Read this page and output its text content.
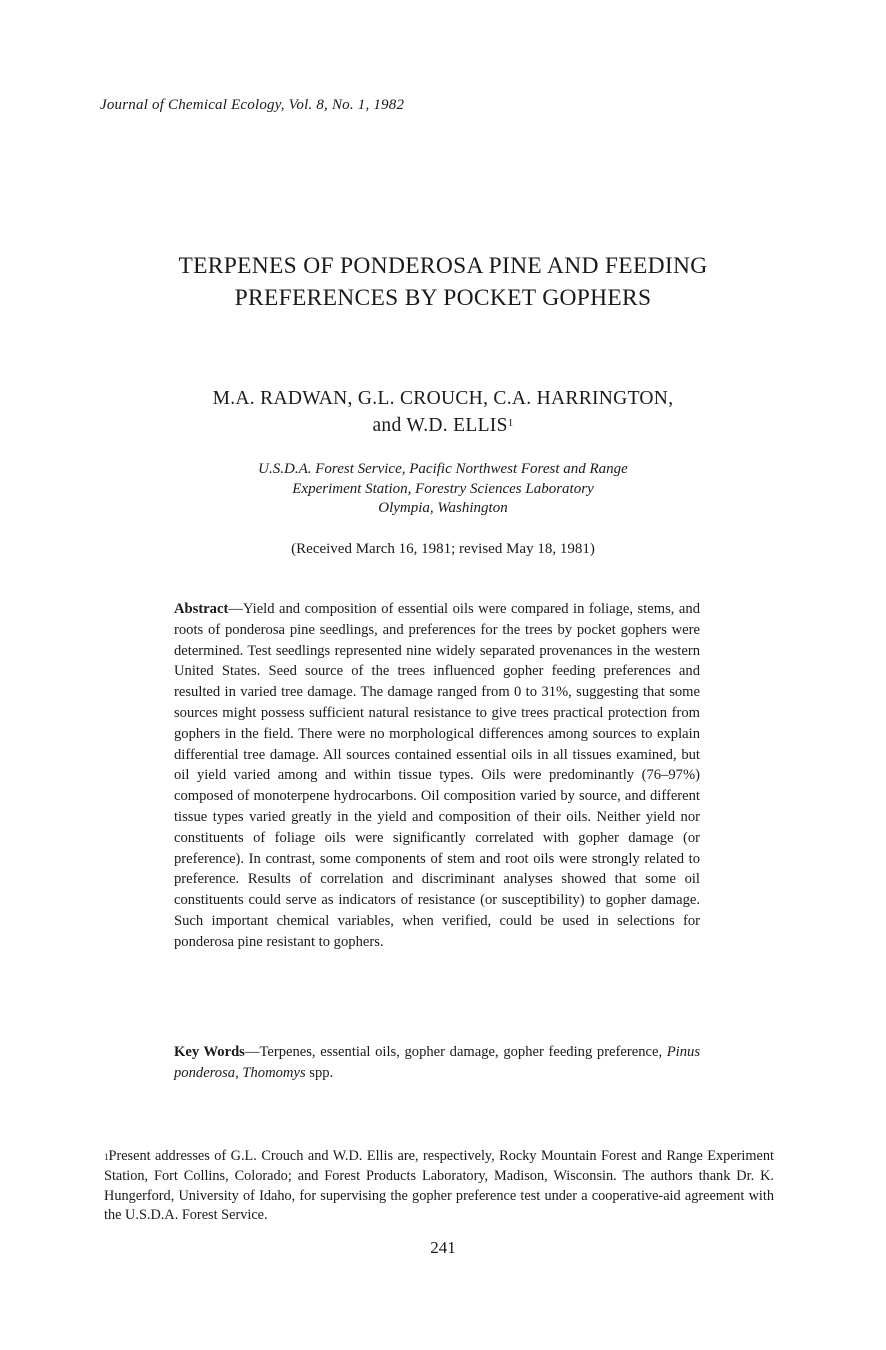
Journal of Chemical Ecology, Vol. 8, No. 1, 1982
TERPENES OF PONDEROSA PINE AND FEEDING
PREFERENCES BY POCKET GOPHERS
M.A. RADWAN, G.L. CROUCH, C.A. HARRINGTON,
and W.D. ELLIS$^1$
U.S.D.A. Forest Service, Pacific Northwest Forest and Range
Experiment Station, Forestry Sciences Laboratory
Olympia, Washington
(Received March 16, 1981; revised May 18, 1981)
Abstract—Yield and composition of essential oils were compared in foliage, stems, and roots of ponderosa pine seedlings, and preferences for the trees by pocket gophers were determined. Test seedlings represented nine widely separated provenances in the western United States. Seed source of the trees influenced gopher feeding preferences and resulted in varied tree damage. The damage ranged from 0 to 31%, suggesting that some sources might possess sufficient natural resistance to give trees practical protection from gophers in the field. There were no morphological differences among sources to explain differential tree damage. All sources contained essential oils in all tissues examined, but oil yield varied among and within tissue types. Oils were predominantly (76–97%) composed of monoterpene hydrocarbons. Oil composition varied by source, and different tissue types varied greatly in the yield and composition of their oils. Neither yield nor constituents of foliage oils were significantly correlated with gopher damage (or preference). In contrast, some components of stem and root oils were strongly related to preference. Results of correlation and discriminant analyses showed that some oil constituents could serve as indicators of resistance (or susceptibility) to gopher damage. Such important chemical variables, when verified, could be used in selections for ponderosa pine resistant to gophers.
Key Words—Terpenes, essential oils, gopher damage, gopher feeding preference, Pinus ponderosa, Thomomys spp.
$^1$Present addresses of G.L. Crouch and W.D. Ellis are, respectively, Rocky Mountain Forest and Range Experiment Station, Fort Collins, Colorado; and Forest Products Laboratory, Madison, Wisconsin. The authors thank Dr. K. Hungerford, University of Idaho, for supervising the gopher preference test under a cooperative-aid agreement with the U.S.D.A. Forest Service.
241
